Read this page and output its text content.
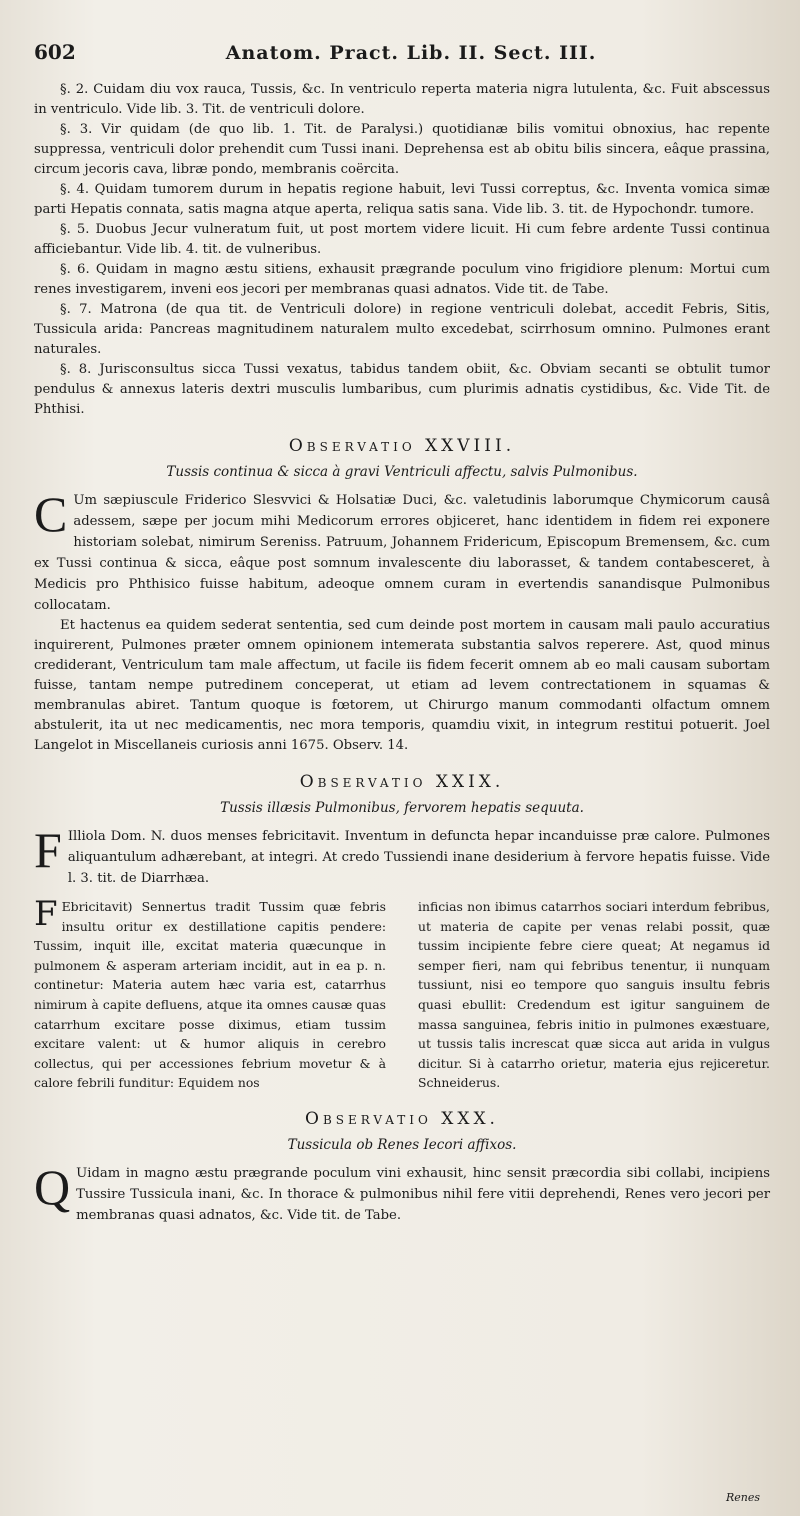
602	Anatom. Pract. Lib. II. Sect. III.

§. 2. Cuidam diu vox rauca, Tussis, &c. In ventriculo reperta materia nigra lutulenta, &c. Fuit abscessus in ventriculo. Vide lib. 3. Tit. de ventriculi dolore.

§. 3. Vir quidam (de quo lib. 1. Tit. de Paralysi.) quotidianæ bilis vomitui obnoxius, hac repente suppressa, ventriculi dolor prehendit cum Tussi inani. Deprehensa est ab obitu bilis sincera, eâque prassina, circum jecoris cava, libræ pondo, membranis coërcita.

§. 4. Quidam tumorem durum in hepatis regione habuit, levi Tussi correptus, &c. Inventa vomica simæ parti Hepatis connata, satis magna atque aperta, reliqua satis sana. Vide lib. 3. tit. de Hypochondr. tumore.

§. 5. Duobus Jecur vulneratum fuit, ut post mortem videre licuit. Hi cum febre ardente Tussi continua afficiebantur. Vide lib. 4. tit. de vulneribus.

§. 6. Quidam in magno æstu sitiens, exhausit prægrande poculum vino frigidiore plenum: Mortui cum renes investigarem, inveni eos jecori per membranas quasi adnatos. Vide tit. de Tabe.

§. 7. Matrona (de qua tit. de Ventriculi dolore) in regione ventriculi dolebat, accedit Febris, Sitis, Tussicula arida: Pancreas magnitudinem naturalem multo excedebat, scirrhosum omnino. Pulmones erant naturales.

§. 8. Jurisconsultus sicca Tussi vexatus, tabidus tandem obiit, &c. Obviam secanti se obtulit tumor pendulus & annexus lateris dextri musculis lumbaribus, cum plurimis adnatis cystidibus, &c. Vide Tit. de Phthisi.

Observatio XXVIII.
Tussis continua & sicca à gravi Ventriculi affectu, salvis Pulmonibus.

C Um sæpiuscule Friderico Slesvvici & Holsatiæ Duci, &c. valetudinis laborumque Chymicorum causâ adessem, sæpe per jocum mihi Medicorum errores objiceret, hanc identidem in fidem rei exponere historiam solebat, nimirum Sereniss. Patruum, Johannem Fridericum, Episcopum Bremensem, &c. cum ex Tussi continua & sicca, eâque post somnum invalescente diu laborasset, & tandem contabesceret, à Medicis pro Phthisico fuisse habitum, adeoque omnem curam in evertendis sanandisque Pulmonibus collocatam.

Et hactenus ea quidem sederat sententia, sed cum deinde post mortem in causam mali paulo accuratius inquirerent, Pulmones præter omnem opinionem intemerata substantia salvos reperere. Ast, quod minus crediderant, Ventriculum tam male affectum, ut facile iis fidem fecerit omnem ab eo mali causam subortam fuisse, tantam nempe putredinem conceperat, ut etiam ad levem contrectationem in squamas & membranulas abiret. Tantum quoque is fœtorem, ut Chirurgo manum commodanti olfactum omnem abstulerit, ita ut nec medicamentis, nec mora temporis, quamdiu vixit, in integrum restitui potuerit. Joel Langelot in Miscellaneis curiosis anni 1675. Observ. 14.

Observatio XXIX.
Tussis illæsis Pulmonibus, fervorem hepatis sequuta.

F Illiola Dom. N. duos menses febricitavit. Inventum in defuncta hepar incanduisse præ calore. Pulmones aliquantulum adhærebant, at integri. At credo Tussiendi inane desiderium à fervore hepatis fuisse. Vide l. 3. tit. de Diarrhæa.

F Ebricitavit) Sennertus tradit Tussim quæ febris insultu oritur ex destillatione capitis pendere: Tussim, inquit ille, excitat materia quæcunque in pulmonem & asperam arteriam incidit, aut in ea p. n. continetur: Materia autem hæc varia est, catarrhus nimirum à capite defluens, atque ita omnes causæ quas catarrhum excitare posse diximus, etiam tussim excitare valent: ut & humor aliquis in cerebro collectus, qui per accessiones febrium movetur & à calore febrili funditur: Equidem nos
inficias non ibimus catarrhos sociari interdum febribus, ut materia de capite per venas relabi possit, quæ tussim incipiente febre ciere queat; At negamus id semper fieri, nam qui febribus tenentur, ii nunquam tussiunt, nisi eo tempore quo sanguis insultu febris quasi ebullit: Credendum est igitur sanguinem de massa sanguinea, febris initio in pulmones exæstuare, ut tussis talis increscat quæ sicca aut arida in vulgus dicitur. Si à catarrho orietur, materia ejus rejiceretur. Schneiderus.
Observatio XXX.
Tussicula ob Renes Iecori affixos.

Q Uidam in magno æstu prægrande poculum vini exhausit, hinc sensit præcordia sibi collabi, incipiens Tussire Tussicula inani, &c. In thorace & pulmonibus nihil fere vitii deprehendi, Renes vero jecori per membranas quasi adnatos, &c. Vide tit. de Tabe.

Renes
